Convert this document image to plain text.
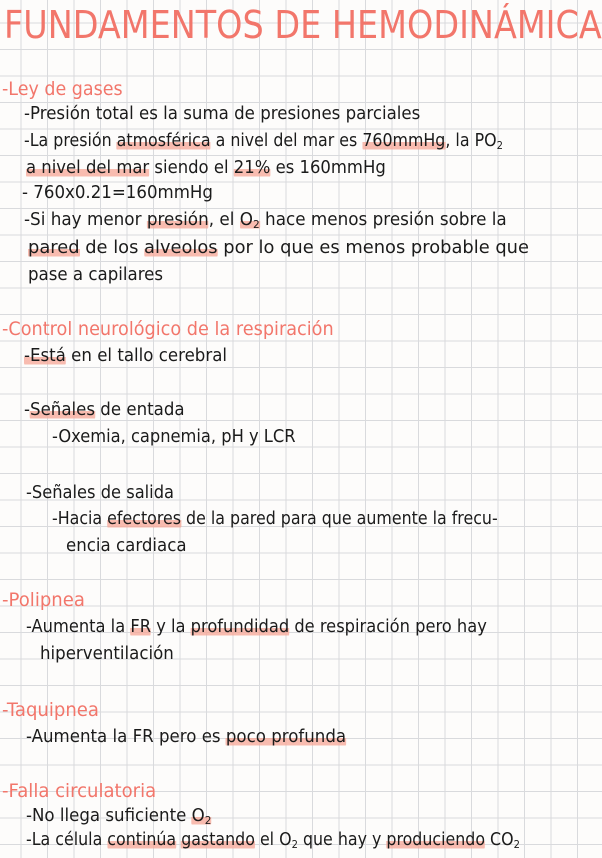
FUNDAMENTOS DE HEMODINÁMICA
-Ley de gases
-Presión total es la suma de presiones parciales
-La presión atmosférica a nivel del mar es 760mmHg, la $PO_2$
a nivel del mar siendo el 21% es 160mmHg
- 760x0.21=160mmHg
-Si hay menor presión, el $O_2$ hace menos presión sobre la
pared de los alveolos por lo que es menos probable que
pase a capilares
-Control neurológico de la respiración
-Está en el tallo cerebral
-Señales de entada
-Oxemia, capnemia, pH y LCR
-Señales de salida
-Hacia efectores de la pared para que aumente la frecu-
encia cardiaca
-Polipnea
-Aumenta la FR y la profundidad de respiración pero hay
hiperventilación
-Taquipnea
-Aumenta la FR pero es poco profunda
-Falla circulatoria
-No llega suficiente $O_2$
-La célula continúa gastando el $O_2$ que hay y produciendo $CO_2$
